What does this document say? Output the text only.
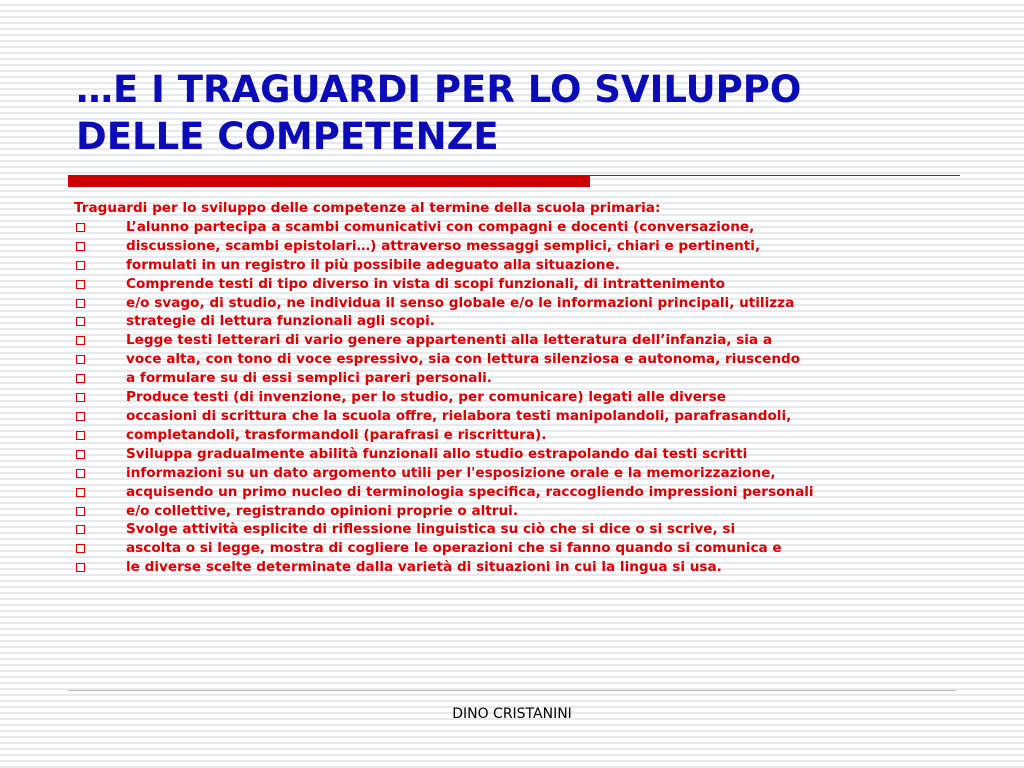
…E I TRAGUARDI PER LO SVILUPPO
DELLE COMPETENZE
Traguardi per lo sviluppo delle competenze al termine della scuola primaria:
L’alunno partecipa a scambi comunicativi con compagni e docenti (conversazione,
discussione, scambi epistolari…) attraverso messaggi semplici, chiari e pertinenti,
formulati in un registro il più possibile adeguato alla situazione.
Comprende testi di tipo diverso in vista di scopi funzionali, di intrattenimento
e/o svago, di studio, ne individua il senso globale e/o le informazioni principali, utilizza
strategie di lettura funzionali agli scopi.
Legge testi letterari di vario genere appartenenti alla letteratura dell’infanzia, sia a
voce alta, con tono di voce espressivo, sia con lettura silenziosa e autonoma, riuscendo
a formulare su di essi semplici pareri personali.
Produce testi (di invenzione, per lo studio, per comunicare) legati alle diverse
occasioni di scrittura che la scuola offre, rielabora testi manipolandoli, parafrasandoli,
completandoli, trasformandoli (parafrasi e riscrittura).
Sviluppa gradualmente abilità funzionali allo studio estrapolando dai testi scritti
informazioni su un dato argomento utili per l'esposizione orale e la memorizzazione,
acquisendo un primo nucleo di terminologia specifica, raccogliendo impressioni personali
e/o collettive, registrando opinioni proprie o altrui.
Svolge attività esplicite di riflessione linguistica su ciò che si dice o si scrive, si
ascolta o si legge, mostra di cogliere le operazioni che si fanno quando si comunica e
le diverse scelte determinate dalla varietà di situazioni in cui la lingua si usa.
DINO CRISTANINI
